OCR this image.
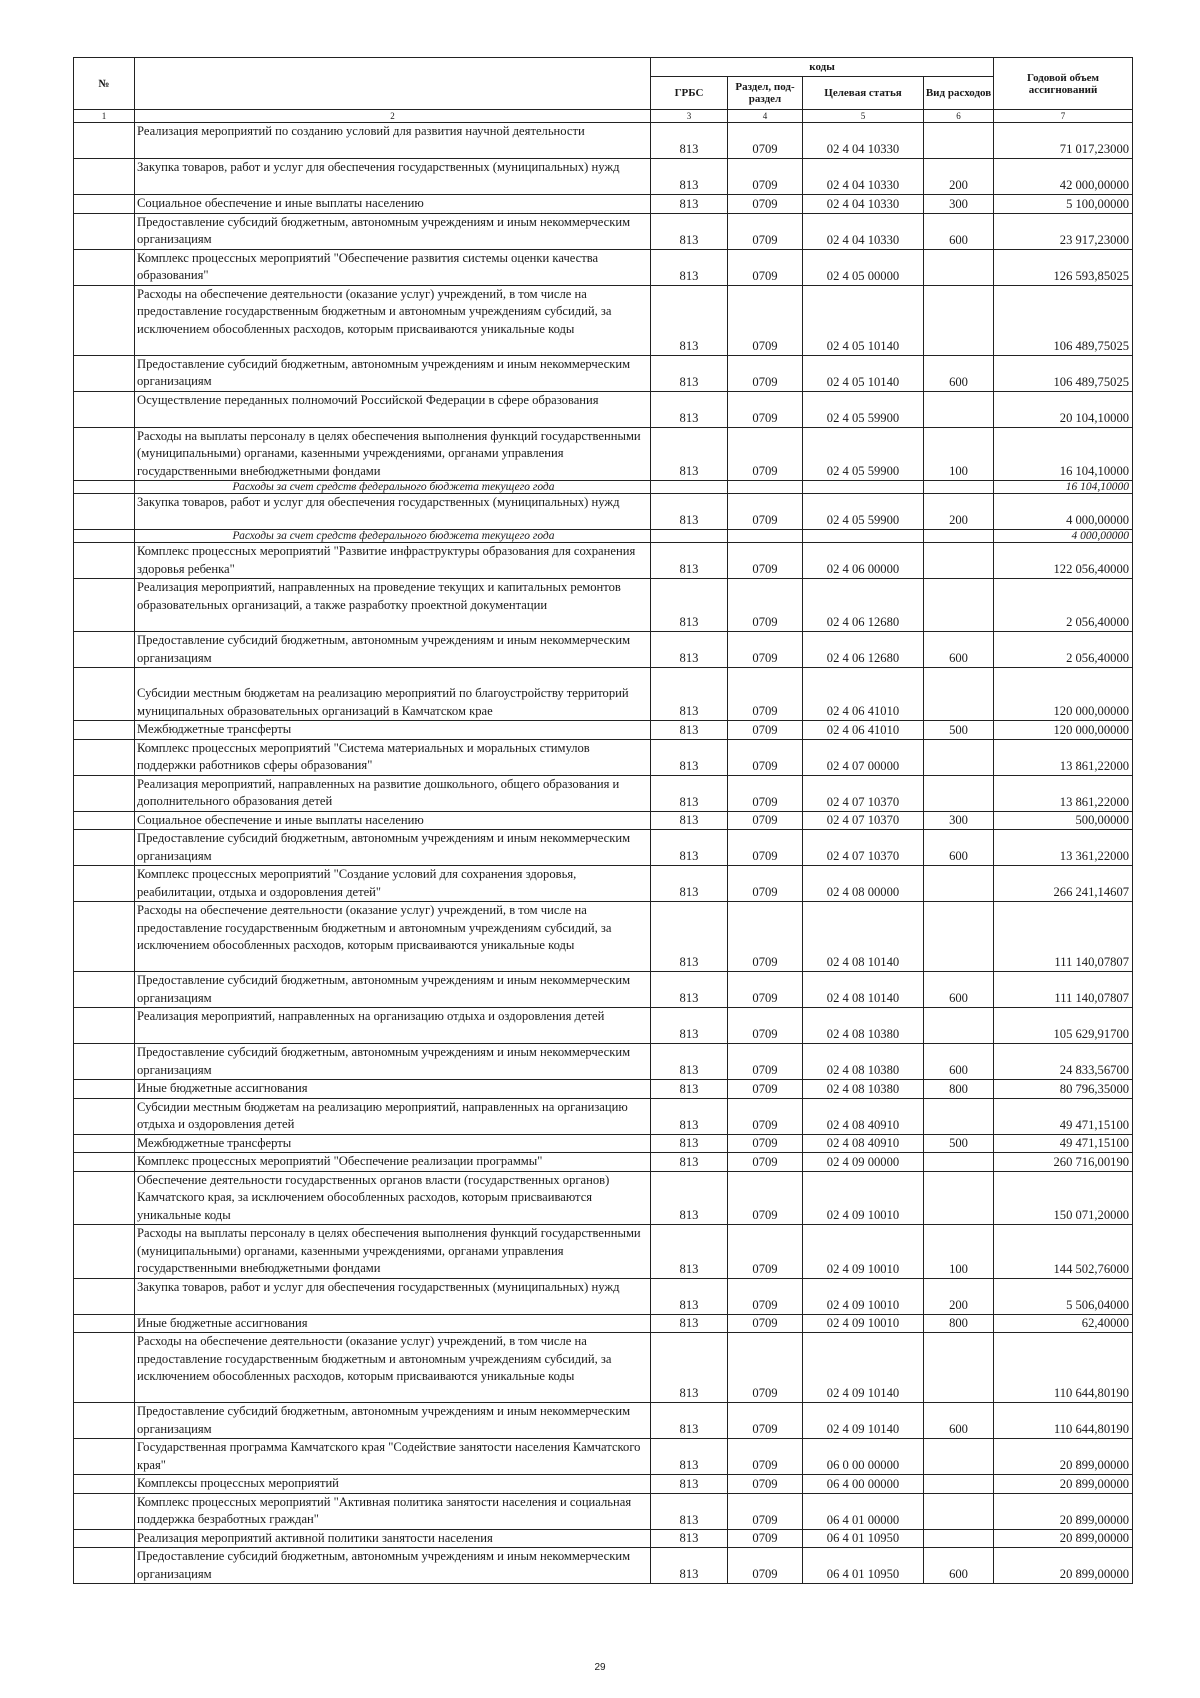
№		коды				Годовой объем ассигнований
		ГРБС	Раздел, под-раздел	Целевая статья	Вид расходов	
1	2	3	4	5	6	7
	Реализация мероприятий по созданию условий для развития научной деятельности	813	0709	02 4 04 10330		71 017,23000
	Закупка товаров, работ и услуг для обеспечения государственных (муниципальных) нужд	813	0709	02 4 04 10330	200	42 000,00000
	Социальное обеспечение и иные выплаты населению	813	0709	02 4 04 10330	300	5 100,00000
	Предоставление субсидий бюджетным, автономным учреждениям и иным некоммерческим организациям	813	0709	02 4 04 10330	600	23 917,23000
	Комплекс процессных мероприятий "Обеспечение развития системы оценки качества образования"	813	0709	02 4 05 00000		126 593,85025
	Расходы на обеспечение деятельности (оказание услуг) учреждений, в том числе на предоставление государственным бюджетным и автономным учреждениям субсидий, за исключением обособленных расходов, которым присваиваются уникальные коды	813	0709	02 4 05 10140		106 489,75025
	Предоставление субсидий бюджетным, автономным учреждениям и иным некоммерческим организациям	813	0709	02 4 05 10140	600	106 489,75025
	Осуществление переданных полномочий Российской Федерации в сфере образования	813	0709	02 4 05 59900		20 104,10000
	Расходы на выплаты персоналу в целях обеспечения выполнения функций государственными (муниципальными) органами, казенными учреждениями, органами управления государственными внебюджетными фондами	813	0709	02 4 05 59900	100	16 104,10000
	Расходы за счет средств федерального бюджета текущего года					16 104,10000
	Закупка товаров, работ и услуг для обеспечения государственных (муниципальных) нужд	813	0709	02 4 05 59900	200	4 000,00000
	Расходы за счет средств федерального бюджета текущего года					4 000,00000
	Комплекс процессных мероприятий "Развитие инфраструктуры образования для сохранения здоровья ребенка"	813	0709	02 4 06 00000		122 056,40000
	Реализация мероприятий, направленных на проведение текущих и капитальных ремонтов образовательных организаций, а также разработку проектной документации	813	0709	02 4 06 12680		2 056,40000
	Предоставление субсидий бюджетным, автономным учреждениям и иным некоммерческим организациям	813	0709	02 4 06 12680	600	2 056,40000
	Субсидии местным бюджетам на реализацию мероприятий по благоустройству территорий муниципальных образовательных организаций в Камчатском крае	813	0709	02 4 06 41010		120 000,00000
	Межбюджетные трансферты	813	0709	02 4 06 41010	500	120 000,00000
	Комплекс процессных мероприятий "Система материальных и моральных стимулов поддержки работников сферы образования"	813	0709	02 4 07 00000		13 861,22000
	Реализация мероприятий, направленных на развитие дошкольного, общего образования и дополнительного образования детей	813	0709	02 4 07 10370		13 861,22000
	Социальное обеспечение и иные выплаты населению	813	0709	02 4 07 10370	300	500,00000
	Предоставление субсидий бюджетным, автономным учреждениям и иным некоммерческим организациям	813	0709	02 4 07 10370	600	13 361,22000
	Комплекс процессных мероприятий "Создание условий для сохранения здоровья, реабилитации, отдыха и оздоровления детей"	813	0709	02 4 08 00000		266 241,14607
	Расходы на обеспечение деятельности (оказание услуг) учреждений, в том числе на предоставление государственным бюджетным и автономным учреждениям субсидий, за исключением обособленных расходов, которым присваиваются уникальные коды	813	0709	02 4 08 10140		111 140,07807
	Предоставление субсидий бюджетным, автономным учреждениям и иным некоммерческим организациям	813	0709	02 4 08 10140	600	111 140,07807
	Реализация мероприятий, направленных на организацию отдыха и оздоровления детей	813	0709	02 4 08 10380		105 629,91700
	Предоставление субсидий бюджетным, автономным учреждениям и иным некоммерческим организациям	813	0709	02 4 08 10380	600	24 833,56700
	Иные бюджетные ассигнования	813	0709	02 4 08 10380	800	80 796,35000
	Субсидии местным бюджетам на реализацию мероприятий, направленных на организацию отдыха и оздоровления детей	813	0709	02 4 08 40910		49 471,15100
	Межбюджетные трансферты	813	0709	02 4 08 40910	500	49 471,15100
	Комплекс процессных мероприятий "Обеспечение реализации программы"	813	0709	02 4 09 00000		260 716,00190
	Обеспечение деятельности государственных органов власти (государственных органов) Камчатского края, за исключением обособленных расходов, которым присваиваются уникальные коды	813	0709	02 4 09 10010		150 071,20000
	Расходы на выплаты персоналу в целях обеспечения выполнения функций государственными (муниципальными) органами, казенными учреждениями, органами управления государственными внебюджетными фондами	813	0709	02 4 09 10010	100	144 502,76000
	Закупка товаров, работ и услуг для обеспечения государственных (муниципальных) нужд	813	0709	02 4 09 10010	200	5 506,04000
	Иные бюджетные ассигнования	813	0709	02 4 09 10010	800	62,40000
	Расходы на обеспечение деятельности (оказание услуг) учреждений, в том числе на предоставление государственным бюджетным и автономным учреждениям субсидий, за исключением обособленных расходов, которым присваиваются уникальные коды	813	0709	02 4 09 10140		110 644,80190
	Предоставление субсидий бюджетным, автономным учреждениям и иным некоммерческим организациям	813	0709	02 4 09 10140	600	110 644,80190
	Государственная программа Камчатского края "Содействие занятости населения Камчатского края"	813	0709	06 0 00 00000		20 899,00000
	Комплексы процессных мероприятий	813	0709	06 4 00 00000		20 899,00000
	Комплекс процессных мероприятий "Активная политика занятости населения и социальная поддержка безработных граждан"	813	0709	06 4 01 00000		20 899,00000
	Реализация мероприятий активной политики занятости населения	813	0709	06 4 01 10950		20 899,00000
	Предоставление субсидий бюджетным, автономным учреждениям и иным некоммерческим организациям	813	0709	06 4 01 10950	600	20 899,00000
29
